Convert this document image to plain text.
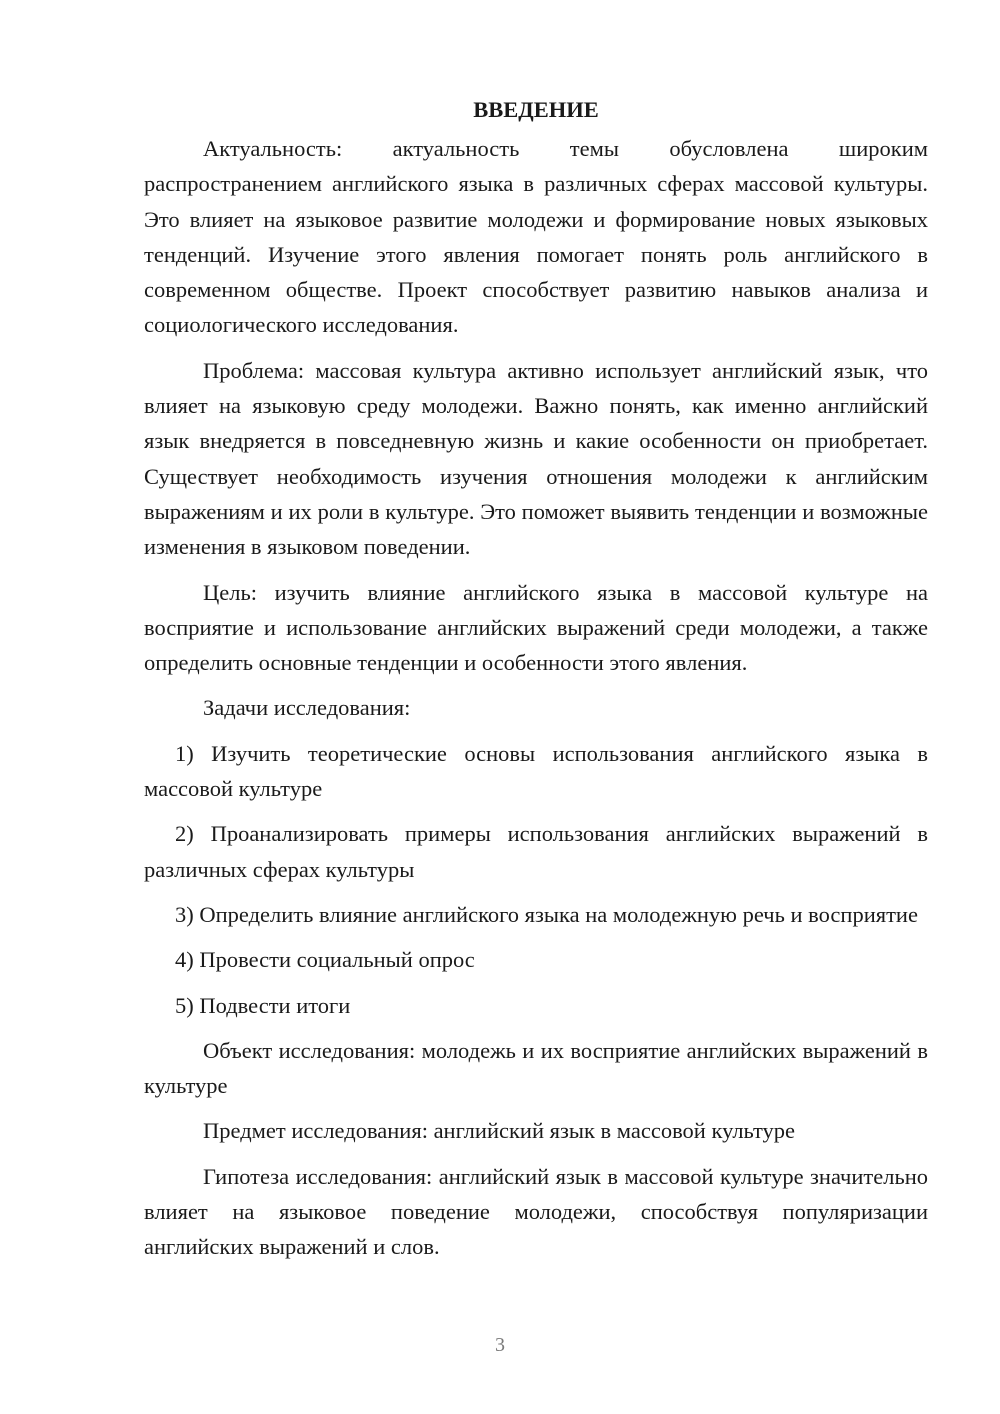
ВВЕДЕНИЕ

Актуальность: актуальность темы обусловлена широким распространением английского языка в различных сферах массовой культуры. Это влияет на языковое развитие молодежи и формирование новых языковых тенденций. Изучение этого явления помогает понять роль английского в современном обществе. Проект способствует развитию навыков анализа и социологического исследования.

Проблема: массовая культура активно использует английский язык, что влияет на языковую среду молодежи. Важно понять, как именно английский язык внедряется в повседневную жизнь и какие особенности он приобретает. Существует необходимость изучения отношения молодежи к английским выражениям и их роли в культуре. Это поможет выявить тенденции и возможные изменения в языковом поведении.

Цель: изучить влияние английского языка в массовой культуре на восприятие и использование английских выражений среди молодежи, а также определить основные тенденции и особенности этого явления.

Задачи исследования:

1) Изучить теоретические основы использования английского языка в массовой культуре

2) Проанализировать примеры использования английских выражений в различных сферах культуры

3) Определить влияние английского языка на молодежную речь и восприятие

4) Провести социальный опрос

5) Подвести итоги

Объект исследования: молодежь и их восприятие английских выражений в культуре

Предмет исследования: английский язык в массовой культуре

Гипотеза исследования: английский язык в массовой культуре значительно влияет на языковое поведение молодежи, способствуя популяризации английских выражений и слов.

3
